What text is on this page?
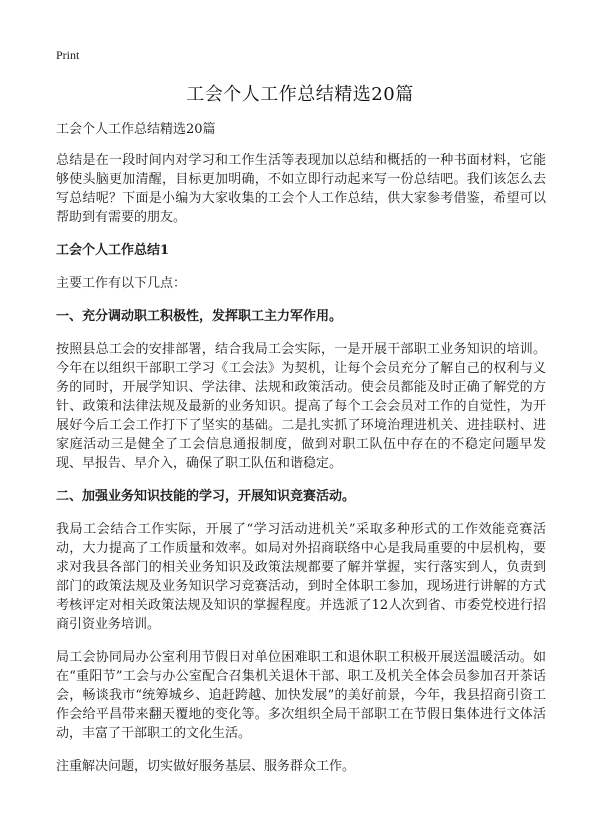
Print
工会个人工作总结精选20篇

工会个人工作总结精选20篇

总结是在一段时间内对学习和工作生活等表现加以总结和概括的一种书面材料，它能够使头脑更加清醒，目标更加明确，不如立即行动起来写一份总结吧。我们该怎么去写总结呢？下面是小编为大家收集的工会个人工作总结，供大家参考借鉴，希望可以帮助到有需要的朋友。

工会个人工作总结1

主要工作有以下几点：

一、充分调动职工积极性，发挥职工主力军作用。

按照县总工会的安排部署，结合我局工会实际，一是开展干部职工业务知识的培训。今年在以组织干部职工学习《工会法》为契机，让每个会员充分了解自己的权利与义务的同时，开展学知识、学法律、法规和政策活动。使会员都能及时正确了解党的方针、政策和法律法规及最新的业务知识。提高了每个工会会员对工作的自觉性，为开展好今后工会工作打下了坚实的基础。二是扎实抓了环境治理进机关、进挂联村、进家庭活动三是健全了工会信息通报制度，做到对职工队伍中存在的不稳定问题早发现、早报告、早介入，确保了职工队伍和谐稳定。

二、加强业务知识技能的学习，开展知识竞赛活动。

我局工会结合工作实际，开展了“学习活动进机关”采取多种形式的工作效能竞赛活动，大力提高了工作质量和效率。如局对外招商联络中心是我局重要的中层机构，要求对我县各部门的相关业务知识及政策法规都要了解并掌握，实行落实到人，负责到部门的政策法规及业务知识学习竞赛活动，到时全体职工参加，现场进行讲解的方式考核评定对相关政策法规及知识的掌握程度。并选派了12人次到省、市委党校进行招商引资业务培训。

局工会协同局办公室利用节假日对单位困难职工和退休职工积极开展送温暖活动。如在“重阳节”工会与办公室配合召集机关退休干部、职工及机关全体会员参加召开茶话会，畅谈我市“统筹城乡、追赶跨越、加快发展”的美好前景，今年，我县招商引资工作会给平昌带来翻天覆地的变化等。多次组织全局干部职工在节假日集体进行文体活动，丰富了干部职工的文化生活。

注重解决问题，切实做好服务基层、服务群众工作。
